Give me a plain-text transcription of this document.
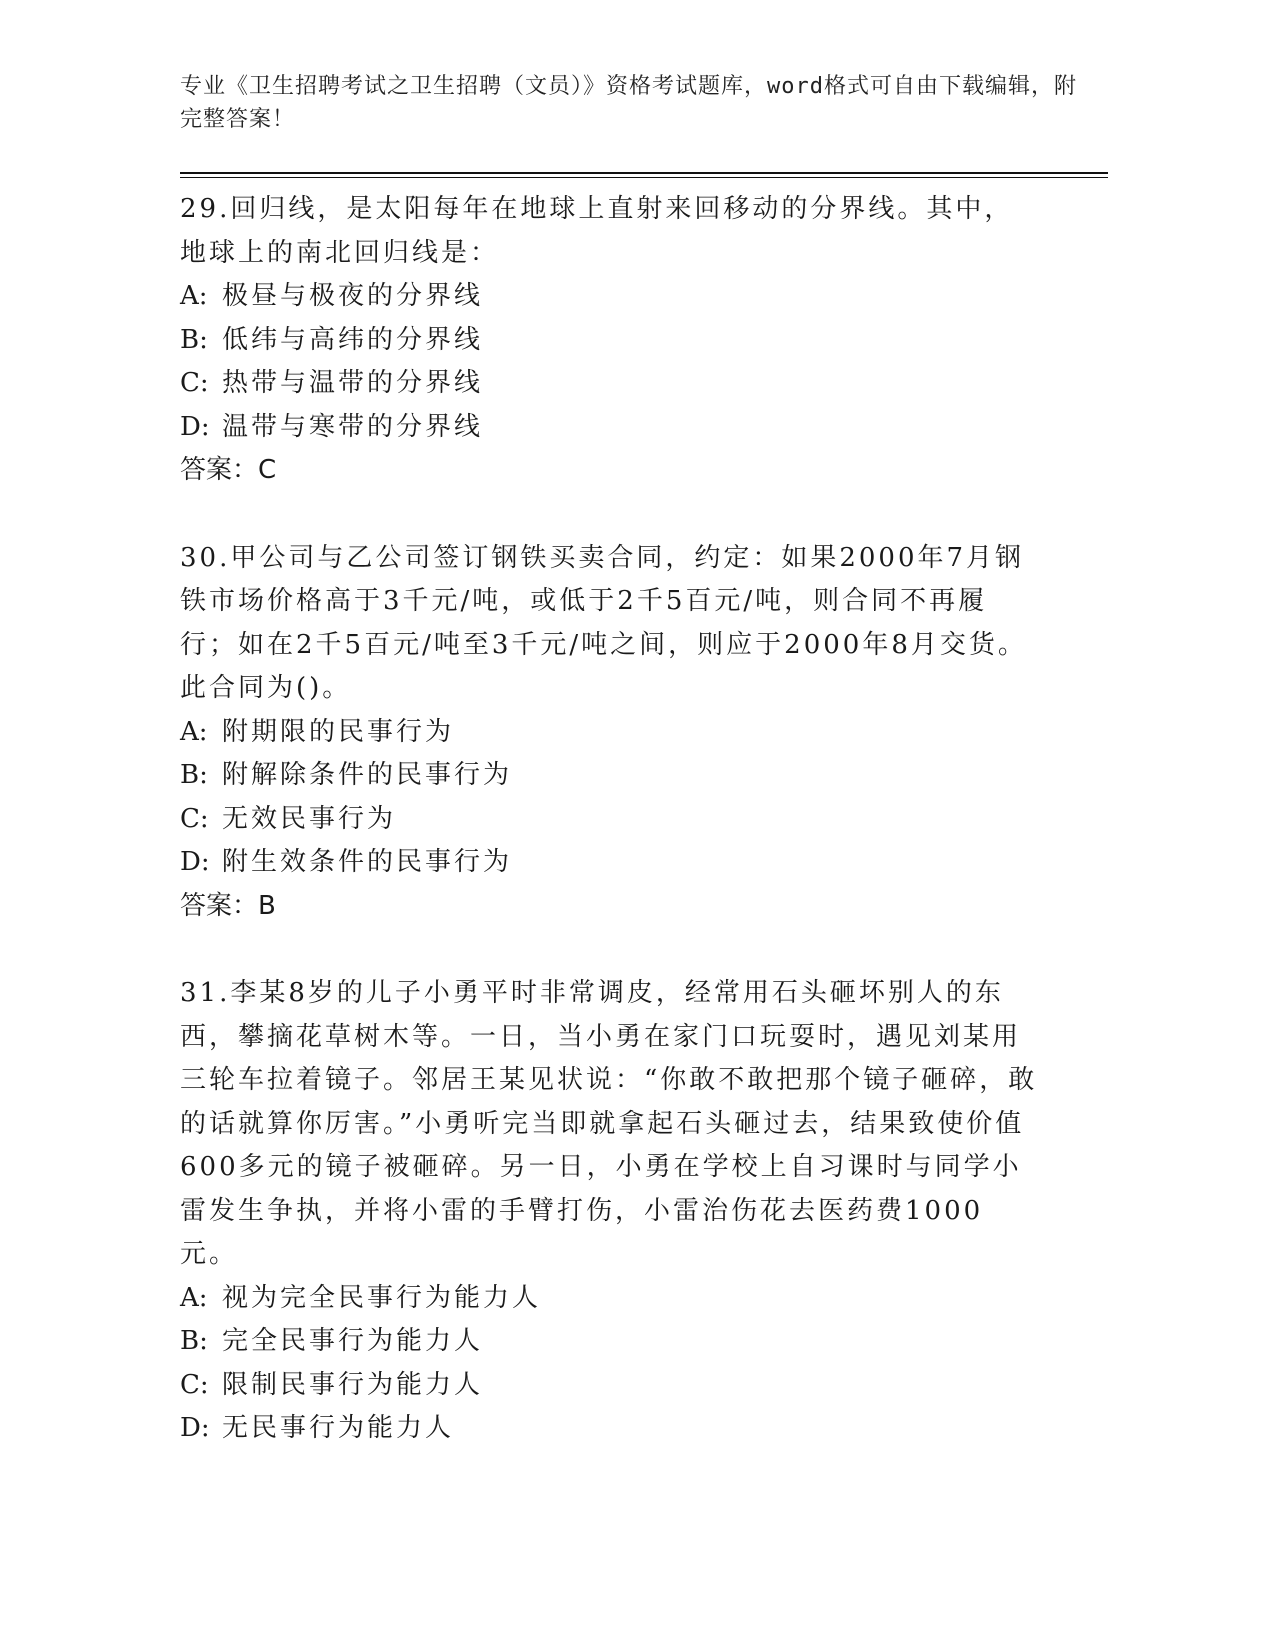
专业《卫生招聘考试之卫生招聘（文员）》资格考试题库，word格式可自由下载编辑，附完整答案！

29.回归线，是太阳每年在地球上直射来回移动的分界线。其中，地球上的南北回归线是：

A: 极昼与极夜的分界线

B: 低纬与高纬的分界线

C: 热带与温带的分界线

D: 温带与寒带的分界线

答案：C

30.甲公司与乙公司签订钢铁买卖合同，约定：如果2000年7月钢铁市场价格高于3千元/吨，或低于2千5百元/吨，则合同不再履行；如在2千5百元/吨至3千元/吨之间，则应于2000年8月交货。此合同为()。

A: 附期限的民事行为

B: 附解除条件的民事行为

C: 无效民事行为

D: 附生效条件的民事行为

答案：B

31.李某8岁的儿子小勇平时非常调皮，经常用石头砸坏别人的东西，攀摘花草树木等。一日，当小勇在家门口玩耍时，遇见刘某用三轮车拉着镜子。邻居王某见状说：“你敢不敢把那个镜子砸碎，敢的话就算你厉害。”小勇听完当即就拿起石头砸过去，结果致使价值600多元的镜子被砸碎。另一日，小勇在学校上自习课时与同学小雷发生争执，并将小雷的手臂打伤，小雷治伤花去医药费1000元。

A: 视为完全民事行为能力人

B: 完全民事行为能力人

C: 限制民事行为能力人

D: 无民事行为能力人
